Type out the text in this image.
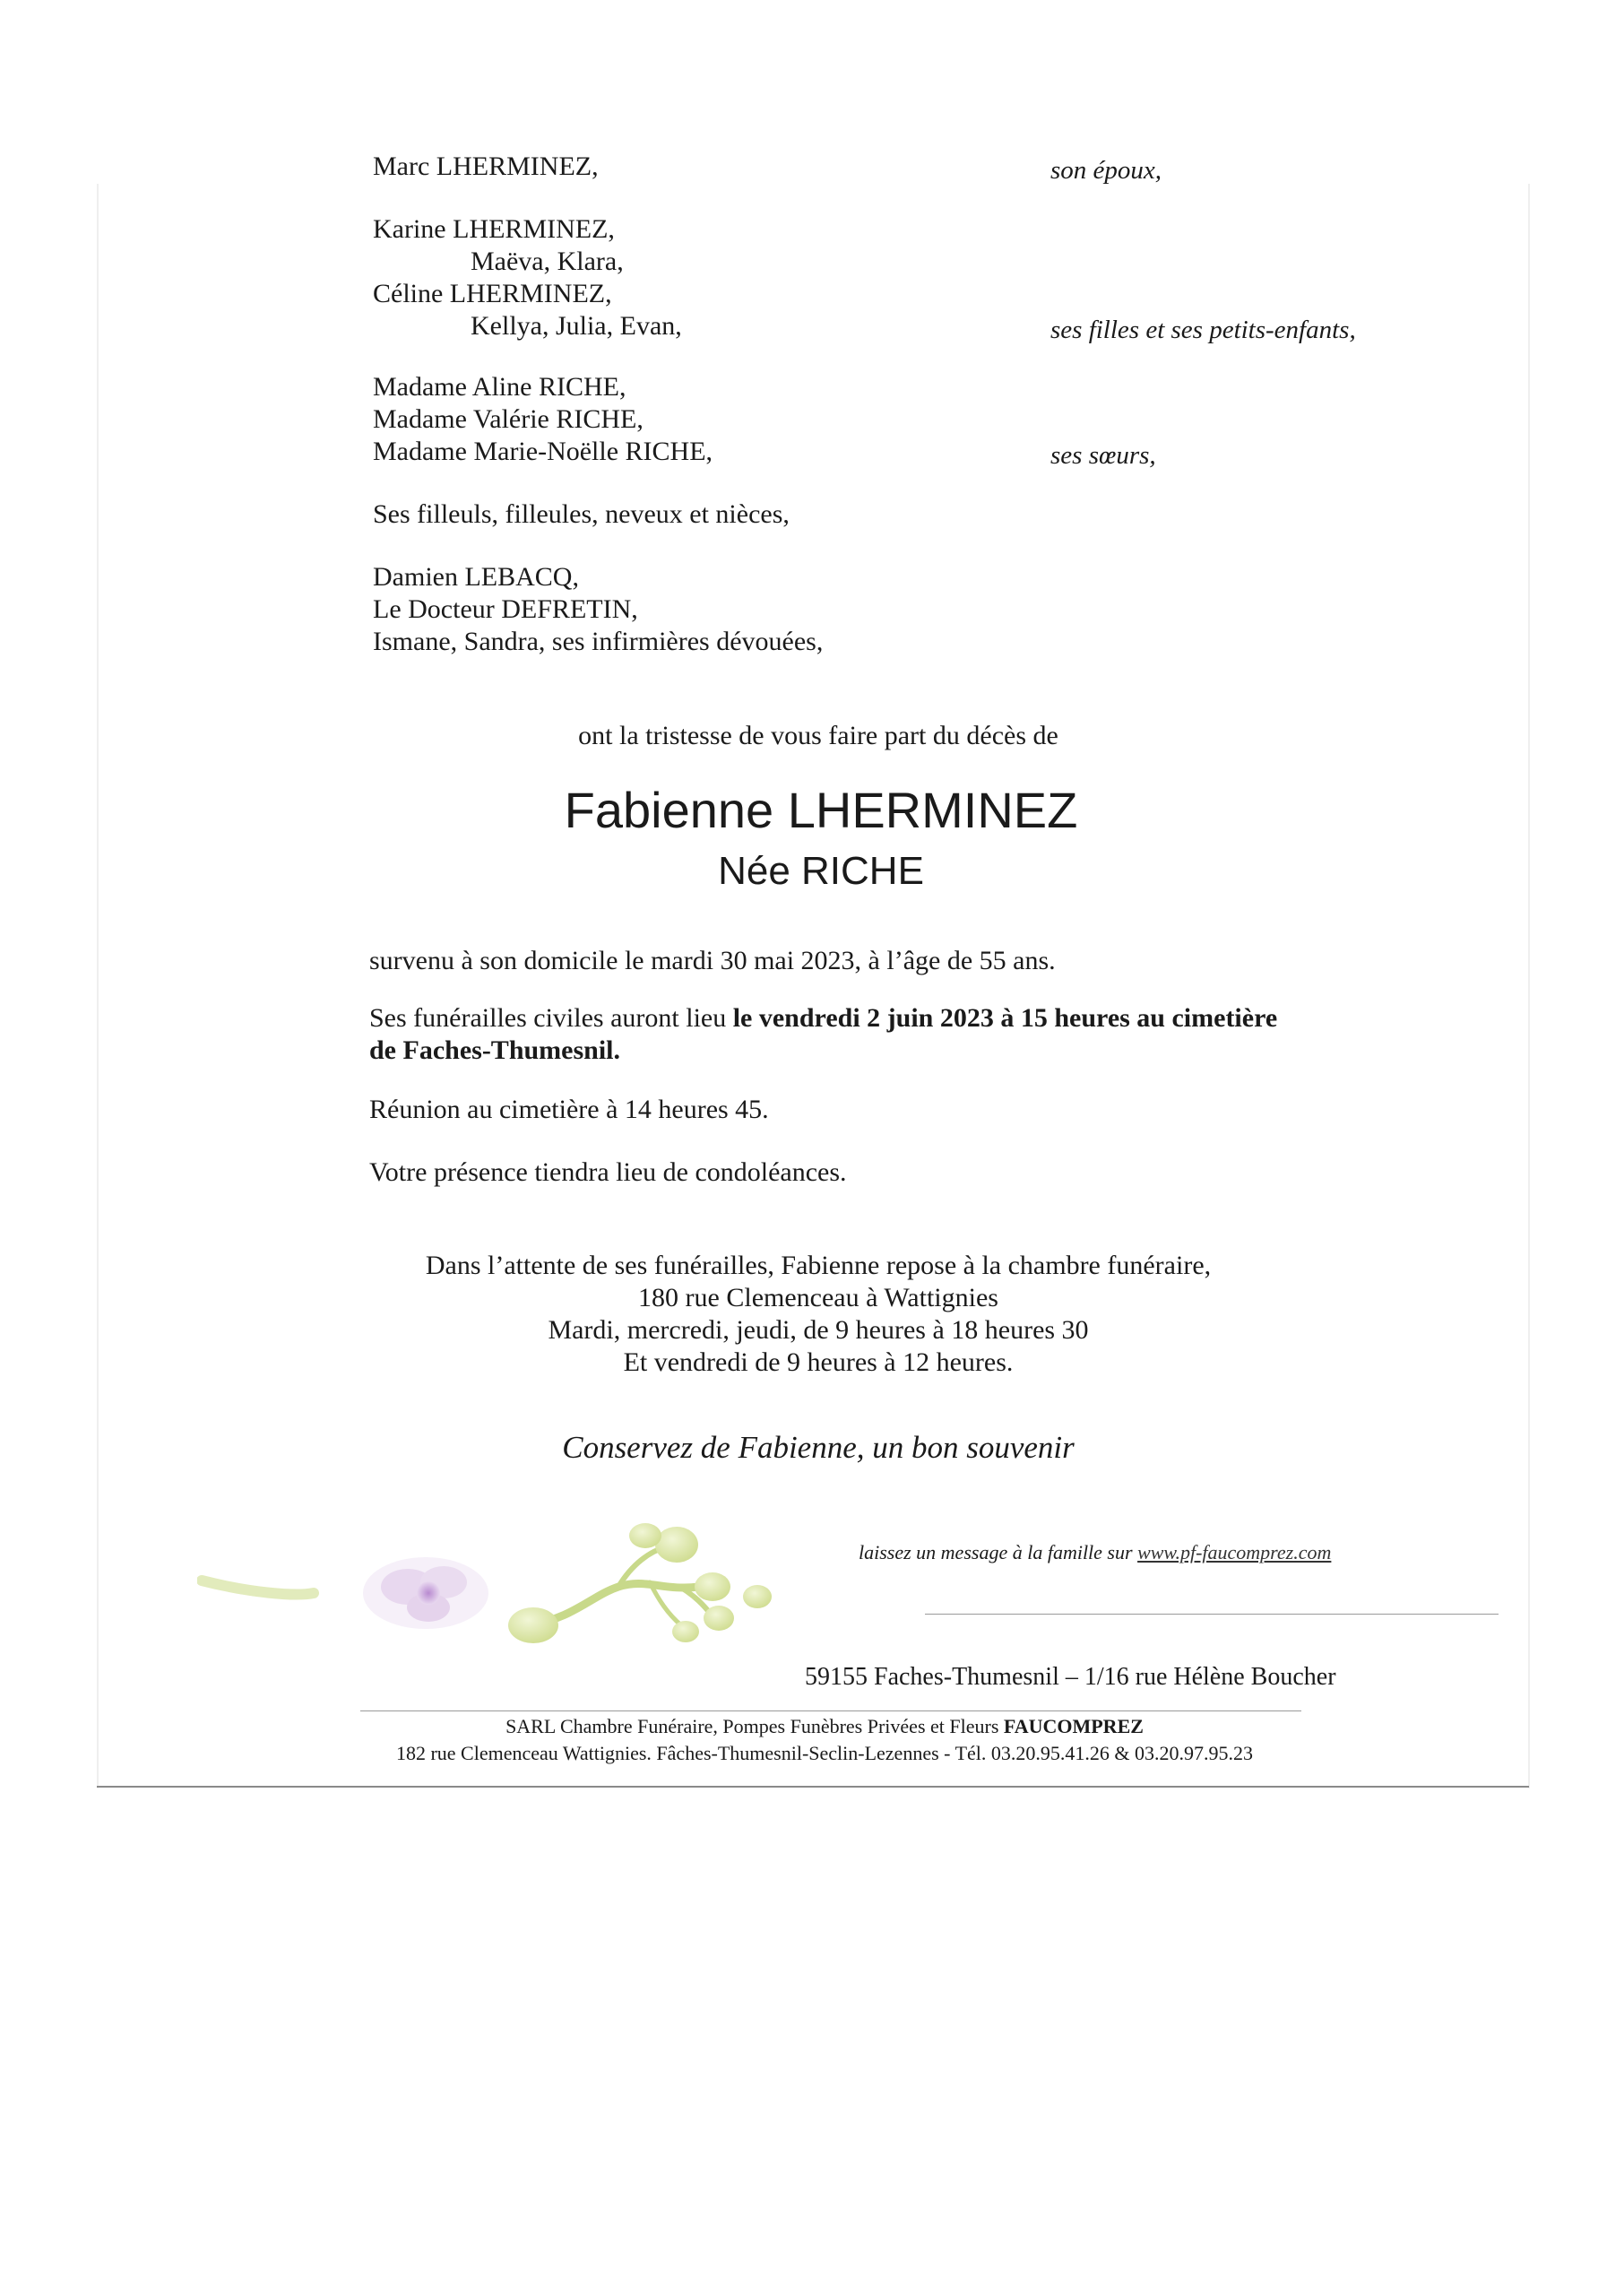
Marc LHERMINEZ,	son époux,
Karine LHERMINEZ,
Maëva, Klara,
Céline LHERMINEZ,
Kellya, Julia, Evan,	ses filles et ses petits-enfants,
Madame Aline RICHE,
Madame Valérie RICHE,
Madame Marie-Noëlle RICHE,	ses sœurs,
Ses filleuls, filleules, neveux et nièces,
Damien LEBACQ,
Le Docteur DEFRETIN,
Ismane, Sandra, ses infirmières dévouées,
ont la tristesse de vous faire part du décès de
Fabienne LHERMINEZ
Née RICHE
survenu à son domicile le mardi 30 mai 2023, à l’âge de 55 ans.
Ses funérailles civiles auront lieu le vendredi 2 juin 2023 à 15 heures au cimetière
de Faches-Thumesnil.
Réunion au cimetière à 14 heures 45.
Votre présence tiendra lieu de condoléances.
Dans l’attente de ses funérailles, Fabienne repose à la chambre funéraire,
180 rue Clemenceau à Wattignies
Mardi, mercredi, jeudi, de 9 heures à 18 heures 30
Et vendredi de 9 heures à 12 heures.
Conservez de Fabienne, un bon souvenir
laissez un message à la famille sur www.pf-faucomprez.com
59155 Faches-Thumesnil – 1/16 rue Hélène Boucher
SARL Chambre Funéraire, Pompes Funèbres Privées et Fleurs FAUCOMPREZ
182 rue Clemenceau Wattignies. Fâches-Thumesnil-Seclin-Lezennes - Tél. 03.20.95.41.26 & 03.20.97.95.23
